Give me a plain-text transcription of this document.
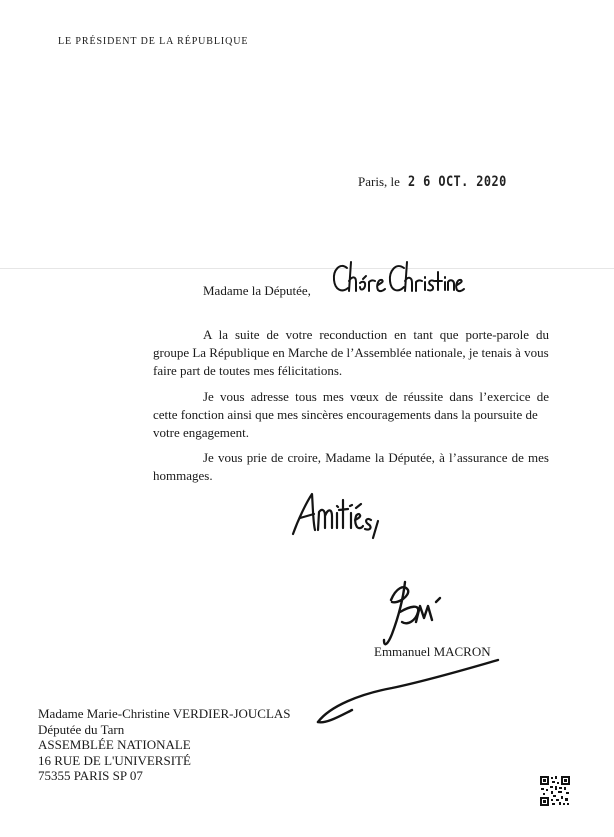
LE PRÉSIDENT DE LA RÉPUBLIQUE
Paris, le 2 6 OCT. 2020
Madame la Députée,
A la suite de votre reconduction en tant que porte-parole du
groupe La République en Marche de l’Assemblée nationale, je tenais à vous
faire part de toutes mes félicitations.
Je vous adresse tous mes vœux de réussite dans l’exercice de
cette fonction ainsi que mes sincères encouragements dans la poursuite de
votre engagement.
Je vous prie de croire, Madame la Députée, à l’assurance de mes
hommages.
Emmanuel MACRON
Madame Marie-Christine VERDIER-JOUCLAS
Députée du Tarn
ASSEMBLÉE NATIONALE
16 RUE DE L'UNIVERSITÉ
75355 PARIS SP 07
